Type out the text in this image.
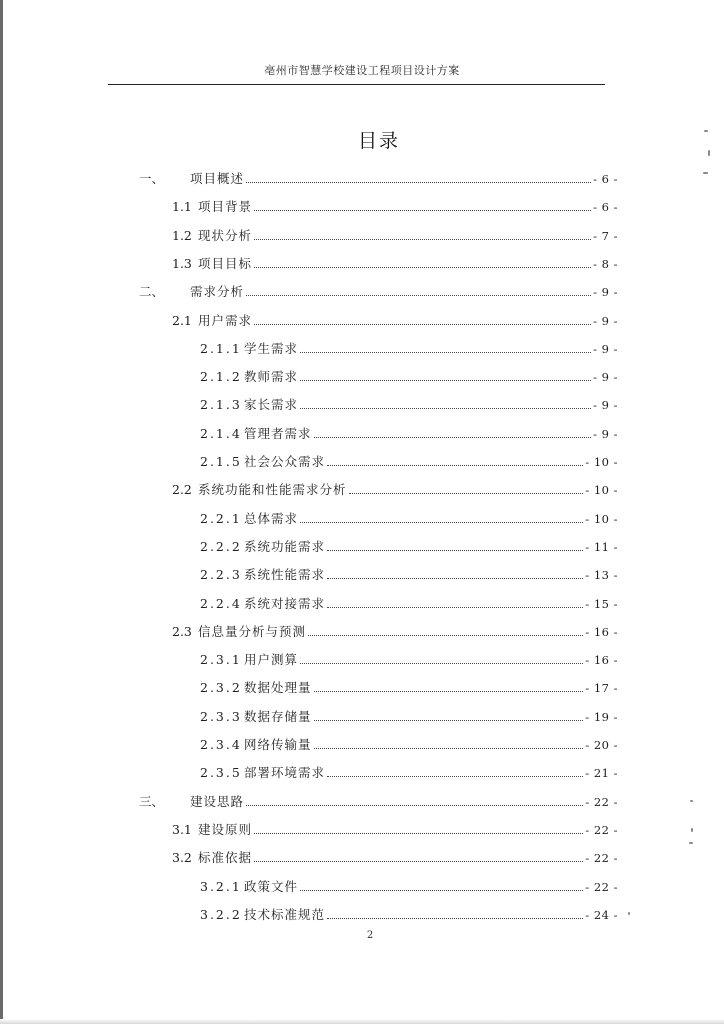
亳州市智慧学校建设工程项目设计方案
目录
一、	项目概述	- 6 -
1.1 项目背景	- 6 -
1.2 现状分析	- 7 -
1.3 项目目标	- 8 -
二、	需求分析	- 9 -
2.1 用户需求	- 9 -
2.1.1 学生需求	- 9 -
2.1.2 教师需求	- 9 -
2.1.3 家长需求	- 9 -
2.1.4 管理者需求	- 9 -
2.1.5 社会公众需求	- 10 -
2.2 系统功能和性能需求分析	- 10 -
2.2.1 总体需求	- 10 -
2.2.2 系统功能需求	- 11 -
2.2.3 系统性能需求	- 13 -
2.2.4 系统对接需求	- 15 -
2.3 信息量分析与预测	- 16 -
2.3.1 用户测算	- 16 -
2.3.2 数据处理量	- 17 -
2.3.3 数据存储量	- 19 -
2.3.4 网络传输量	- 20 -
2.3.5 部署环境需求	- 21 -
三、	建设思路	- 22 -
3.1 建设原则	- 22 -
3.2 标准依据	- 22 -
3.2.1 政策文件	- 22 -
3.2.2 技术标准规范	- 24 -
2
